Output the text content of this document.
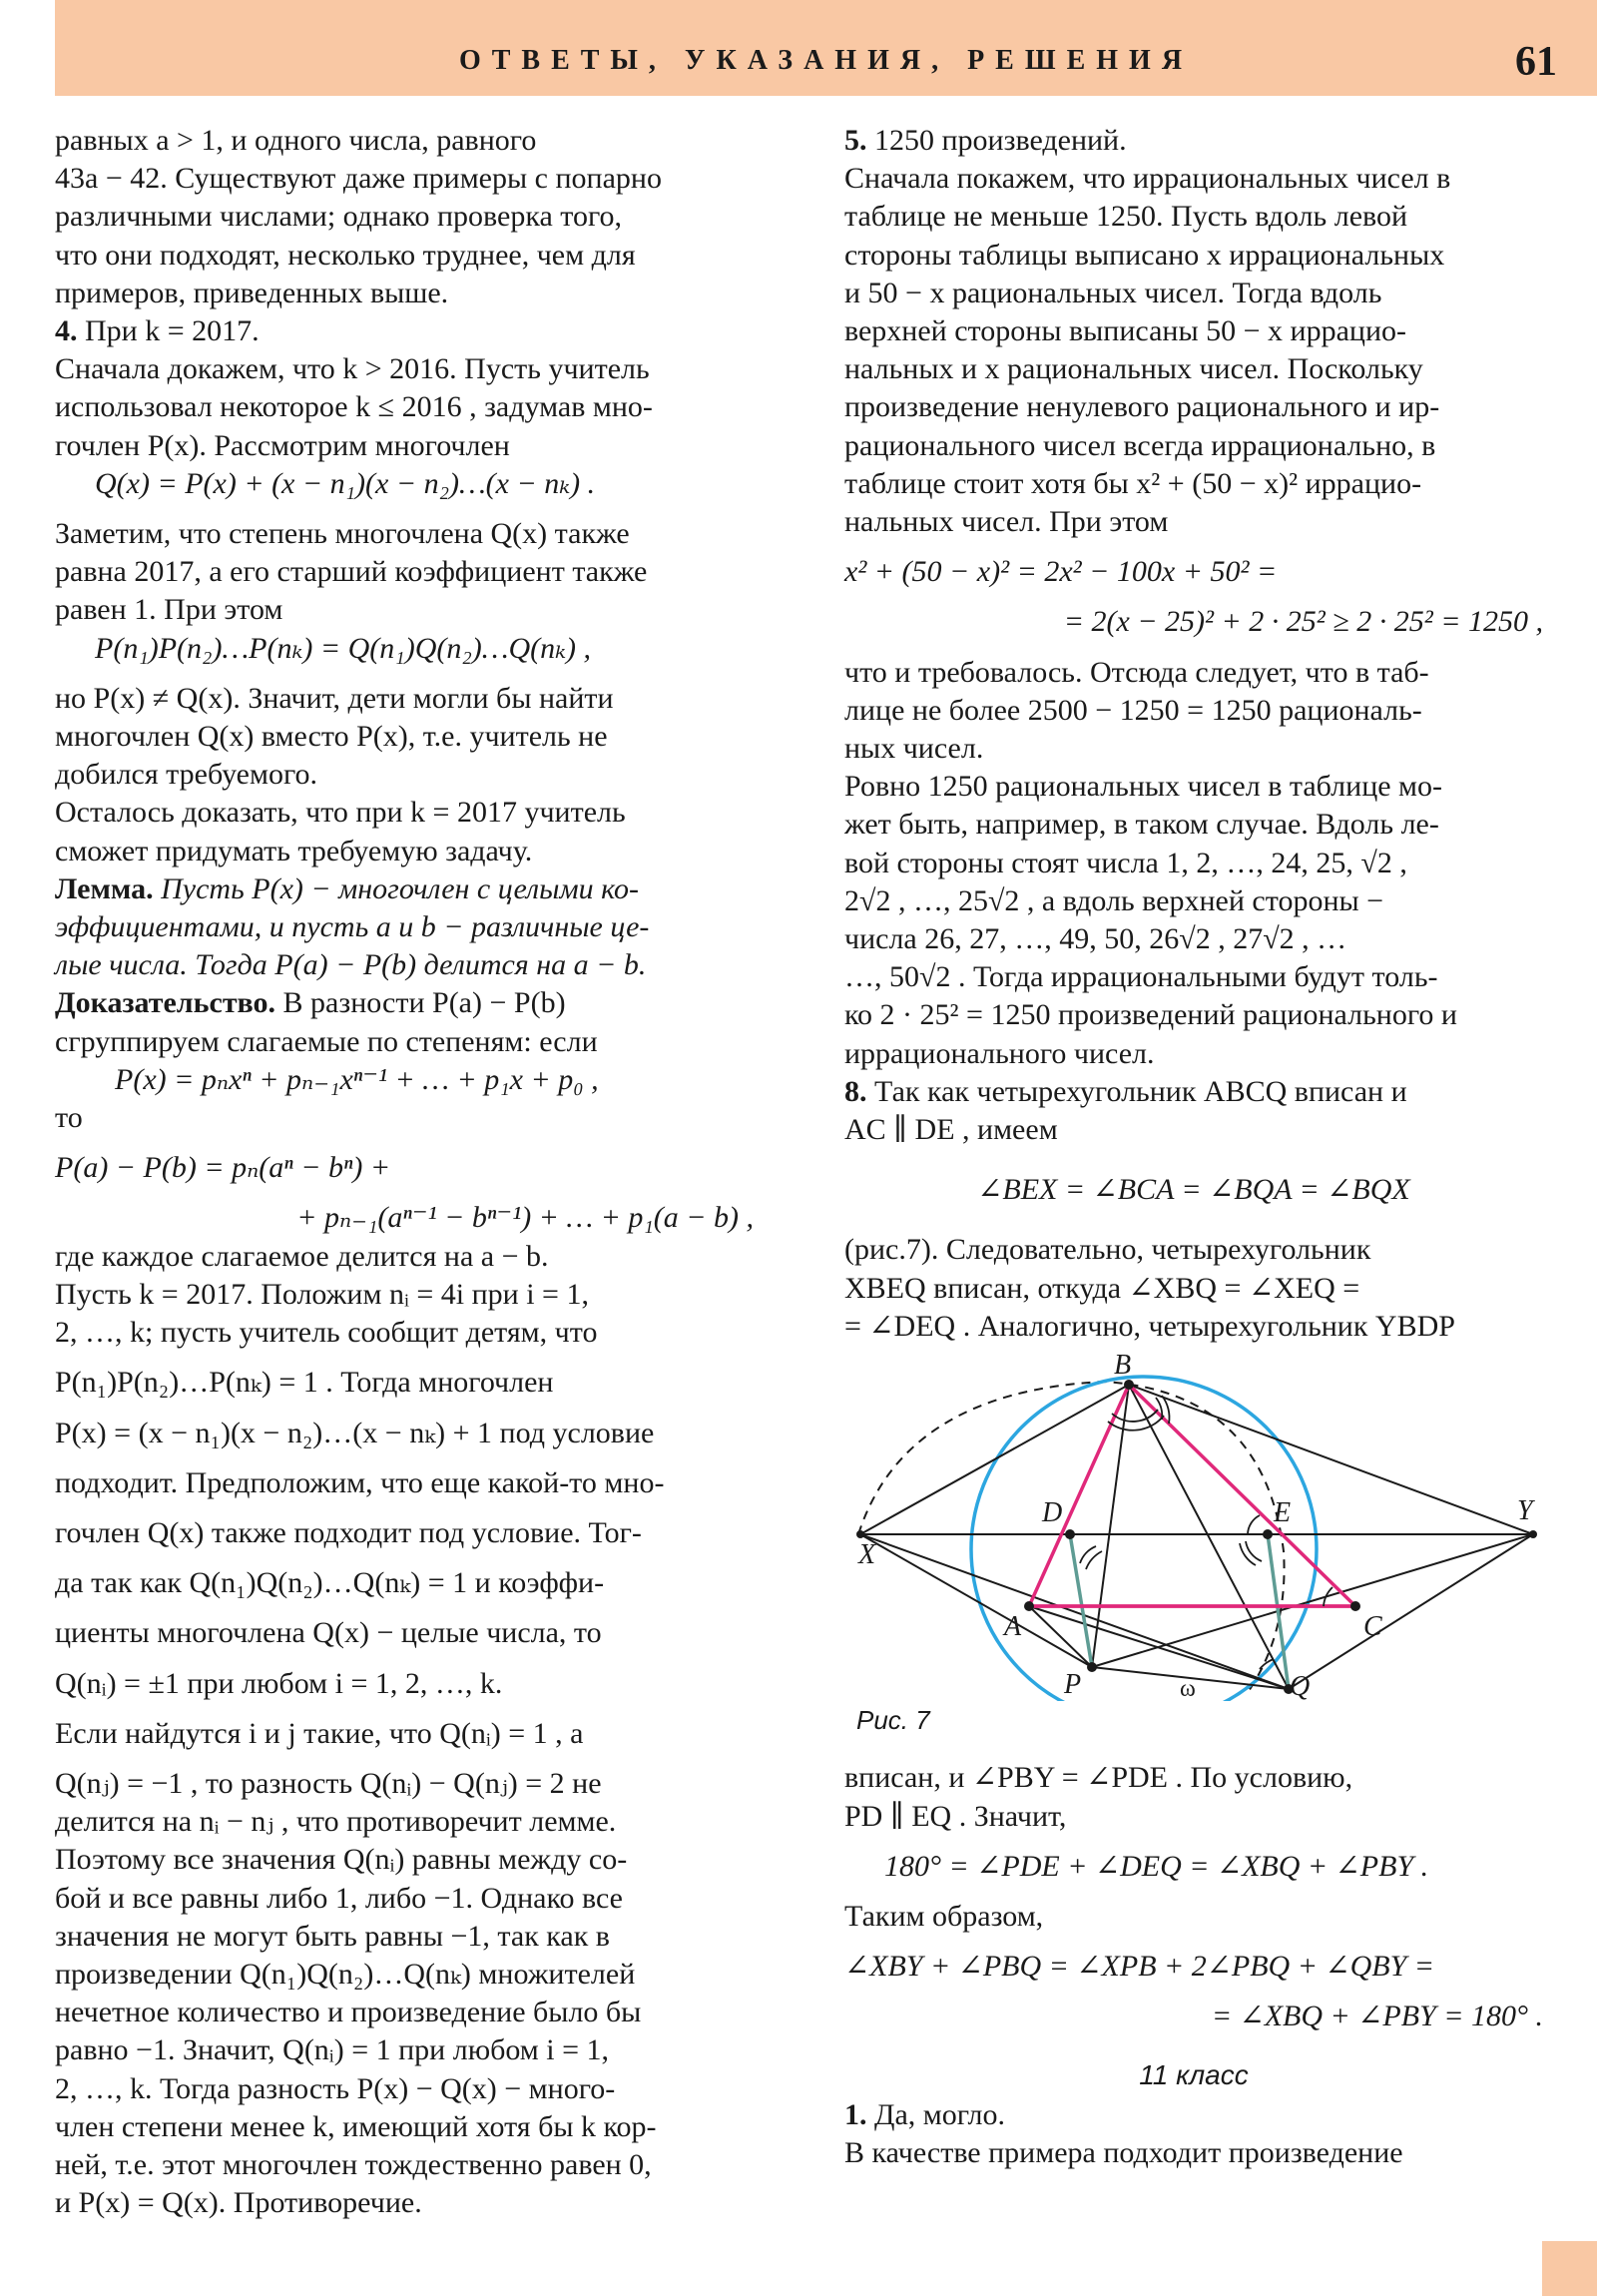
ОТВЕТЫ, УКАЗАНИЯ, РЕШЕНИЯ	61

равных a > 1, и одного числа, равного

43a − 42. Существуют даже примеры с попарно

различными числами; однако проверка того,

что они подходят, несколько труднее, чем для

примеров, приведенных выше.

4. При k = 2017.

Сначала докажем, что k > 2016. Пусть учитель

использовал некоторое k ≤ 2016 , задумав мно-

гочлен P(x). Рассмотрим многочлен

Q(x) = P(x) + (x − n₁)(x − n₂)…(x − nₖ) .

Заметим, что степень многочлена Q(x) также

равна 2017, а его старший коэффициент также

равен 1. При этом

P(n₁)P(n₂)…P(nₖ) = Q(n₁)Q(n₂)…Q(nₖ) ,

но P(x) ≠ Q(x). Значит, дети могли бы найти

многочлен Q(x) вместо P(x), т.е. учитель не

добился требуемого.

Осталось доказать, что при k = 2017 учитель

сможет придумать требуемую задачу.

Лемма. Пусть P(x) − многочлен с целыми ко-

эффициентами, и пусть a и b − различные це-

лые числа. Тогда P(a) − P(b) делится на a − b.

Доказательство. В разности P(a) − P(b)

сгруппируем слагаемые по степеням: если

P(x) = pₙxⁿ + pₙ₋₁xⁿ⁻¹ + … + p₁x + p₀ ,

то

P(a) − P(b) = pₙ(aⁿ − bⁿ) +
+ pₙ₋₁(aⁿ⁻¹ − bⁿ⁻¹) + … + p₁(a − b) ,

где каждое слагаемое делится на a − b.

Пусть k = 2017. Положим nᵢ = 4i при i = 1,

2, …, k; пусть учитель сообщит детям, что

P(n₁)P(n₂)…P(nₖ) = 1 . Тогда многочлен

P(x) = (x − n₁)(x − n₂)…(x − nₖ) + 1 под условие

подходит. Предположим, что еще какой-то мно-

гочлен Q(x) также подходит под условие. Тог-

да так как Q(n₁)Q(n₂)…Q(nₖ) = 1 и коэффи-

циенты многочлена Q(x) − целые числа, то

Q(nᵢ) = ±1 при любом i = 1, 2, …, k.

Если найдутся i и j такие, что Q(nᵢ) = 1 , а

Q(nⱼ) = −1 , то разность Q(nᵢ) − Q(nⱼ) = 2 не

делится на nᵢ − nⱼ , что противоречит лемме.

Поэтому все значения Q(nᵢ) равны между со-

бой и все равны либо 1, либо −1. Однако все

значения не могут быть равны −1, так как в

произведении Q(n₁)Q(n₂)…Q(nₖ) множителей

нечетное количество и произведение было бы

равно −1. Значит, Q(nᵢ) = 1 при любом i = 1,

2, …, k. Тогда разность P(x) − Q(x) − много-

член степени менее k, имеющий хотя бы k кор-

ней, т.е. этот многочлен тождественно равен 0,

и P(x) = Q(x). Противоречие.

5. 1250 произведений.

Сначала покажем, что иррациональных чисел в

таблице не меньше 1250. Пусть вдоль левой

стороны таблицы выписано x иррациональных

и 50 − x рациональных чисел. Тогда вдоль

верхней стороны выписаны 50 − x иррацио-

нальных и x рациональных чисел. Поскольку

произведение ненулевого рационального и ир-

рационального чисел всегда иррационально, в

таблице стоит хотя бы x² + (50 − x)² иррацио-

нальных чисел. При этом

x² + (50 − x)² = 2x² − 100x + 50² =
= 2(x − 25)² + 2 · 25² ≥ 2 · 25² = 1250 ,

что и требовалось. Отсюда следует, что в таб-

лице не более 2500 − 1250 = 1250 рациональ-

ных чисел.

Ровно 1250 рациональных чисел в таблице мо-

жет быть, например, в таком случае. Вдоль ле-

вой стороны стоят числа 1, 2, …, 24, 25, √2 ,

2√2 , …, 25√2 , а вдоль верхней стороны −

числа 26, 27, …, 49, 50, 26√2 , 27√2 , …

…, 50√2 . Тогда иррациональными будут толь-

ко 2 · 25² = 1250 произведений рационального и

иррационального чисел.

8. Так как четырехугольник ABCQ вписан и

AC ∥ DE , имеем

∠BEX = ∠BCA = ∠BQA = ∠BQX

(рис.7). Следовательно, четырехугольник

XBEQ вписан, откуда ∠XBQ = ∠XEQ =

= ∠DEQ . Аналогично, четырехугольник YBDP

B
D	E	Y
X
A	C
P	Q
ω

Рис. 7

вписан, и ∠PBY = ∠PDE . По условию,

PD ∥ EQ . Значит,

180° = ∠PDE + ∠DEQ = ∠XBQ + ∠PBY .

Таким образом,

∠XBY + ∠PBQ = ∠XPB + 2∠PBQ + ∠QBY =
= ∠XBQ + ∠PBY = 180° .

11 класс

1. Да, могло.

В качестве примера подходит произведение
